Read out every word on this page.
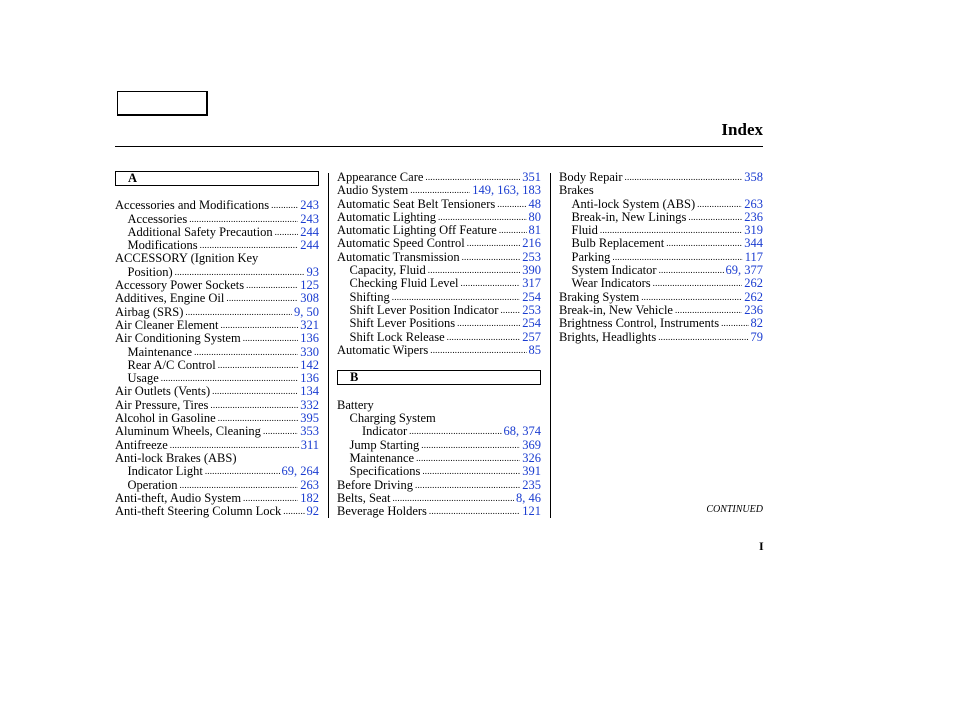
Index
A
Accessories and Modifications ..... 243
Accessories .....	243
Additional Safety Precaution ..... 244
Modifications .....	244
ACCESSORY (Ignition Key
Position) .....	93
Accessory Power Sockets .....	125
Additives, Engine Oil .....	308
Airbag (SRS) .....	9, 50
Air Cleaner Element .....	321
Air Conditioning System .....	136
Maintenance .....	330
Rear A/C Control .....	142
Usage .....	136
Air Outlets (Vents) .....	134
Air Pressure, Tires .....	332
Alcohol in Gasoline .....	395
Aluminum Wheels, Cleaning .....	353
Antifreeze .....	311
Anti-lock Brakes (ABS)
Indicator Light .....	69, 264
Operation .....	263
Anti-theft, Audio System .....	182
Anti-theft Steering Column Lock ..... 92
Appearance Care .....	351
Audio System .....	149, 163, 183
Automatic Seat Belt Tensioners .....	48
Automatic Lighting .....	80
Automatic Lighting Off Feature .....	81
Automatic Speed Control .....	216
Automatic Transmission .....	253
Capacity, Fluid .....	390
Checking Fluid Level .....	317
Shifting .....	254
Shift Lever Position Indicator ..... 253
Shift Lever Positions .....	254
Shift Lock Release .....	257
Automatic Wipers .....	85
B
Battery
Charging System
Indicator .....	68, 374
Jump Starting .....	369
Maintenance .....	326
Specifications .....	391
Before Driving .....	235
Belts, Seat .....	8, 46
Beverage Holders .....	121
Body Repair .....	358
Brakes
Anti-lock System (ABS) .....	263
Break-in, New Linings .....	236
Fluid .....	319
Bulb Replacement .....	344
Parking .....	117
System Indicator .....	69, 377
Wear Indicators .....	262
Braking System .....	262
Break-in, New Vehicle .....	236
Brightness Control, Instruments .....	82
Brights, Headlights .....	79
CONTINUED
I
